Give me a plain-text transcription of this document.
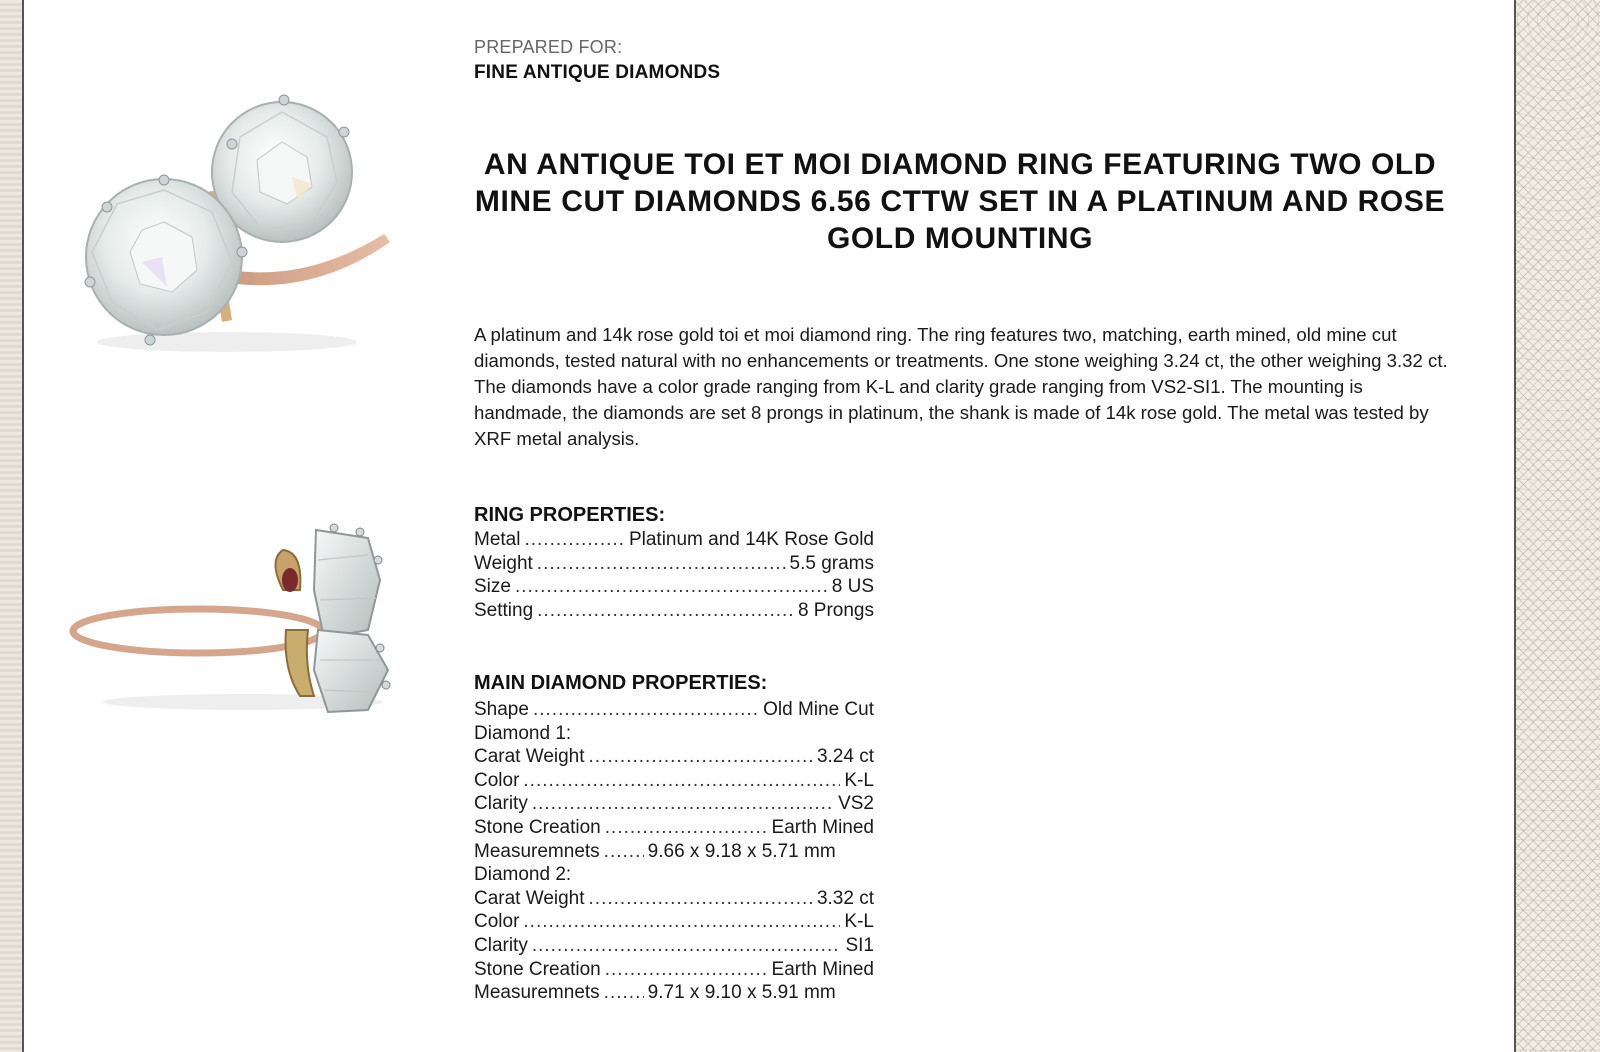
PREPARED FOR:
FINE ANTIQUE DIAMONDS
AN ANTIQUE TOI ET MOI DIAMOND RING FEATURING TWO OLD MINE CUT DIAMONDS 6.56 CTTW SET IN A PLATINUM AND ROSE GOLD MOUNTING
A platinum and 14k rose gold toi et moi diamond ring. The ring features two, matching, earth mined, old mine cut diamonds, tested natural with no enhancements or treatments. One stone weighing 3.24 ct, the other weighing 3.32 ct. The diamonds have a color grade ranging from K-L and clarity grade ranging from VS2-SI1. The mounting is handmade, the diamonds are set 8 prongs in platinum, the shank is made of 14k rose gold. The metal was tested by XRF metal analysis.
RING PROPERTIES:
Metal .....	Platinum and 14K Rose Gold
Weight .....	5.5 grams
Size .....	8 US
Setting .....	8 Prongs
MAIN DIAMOND PROPERTIES:
Shape .....	Old Mine Cut
Diamond 1:
Carat Weight .....	3.24 ct
Color .....	K-L
Clarity .....	VS2
Stone Creation .....	Earth Mined
Measuremnets .....	9.66 x 9.18 x 5.71 mm
Diamond 2:
Carat Weight .....	3.32 ct
Color .....	K-L
Clarity .....	SI1
Stone Creation .....	Earth Mined
Measuremnets .....	9.71 x 9.10 x 5.91 mm
